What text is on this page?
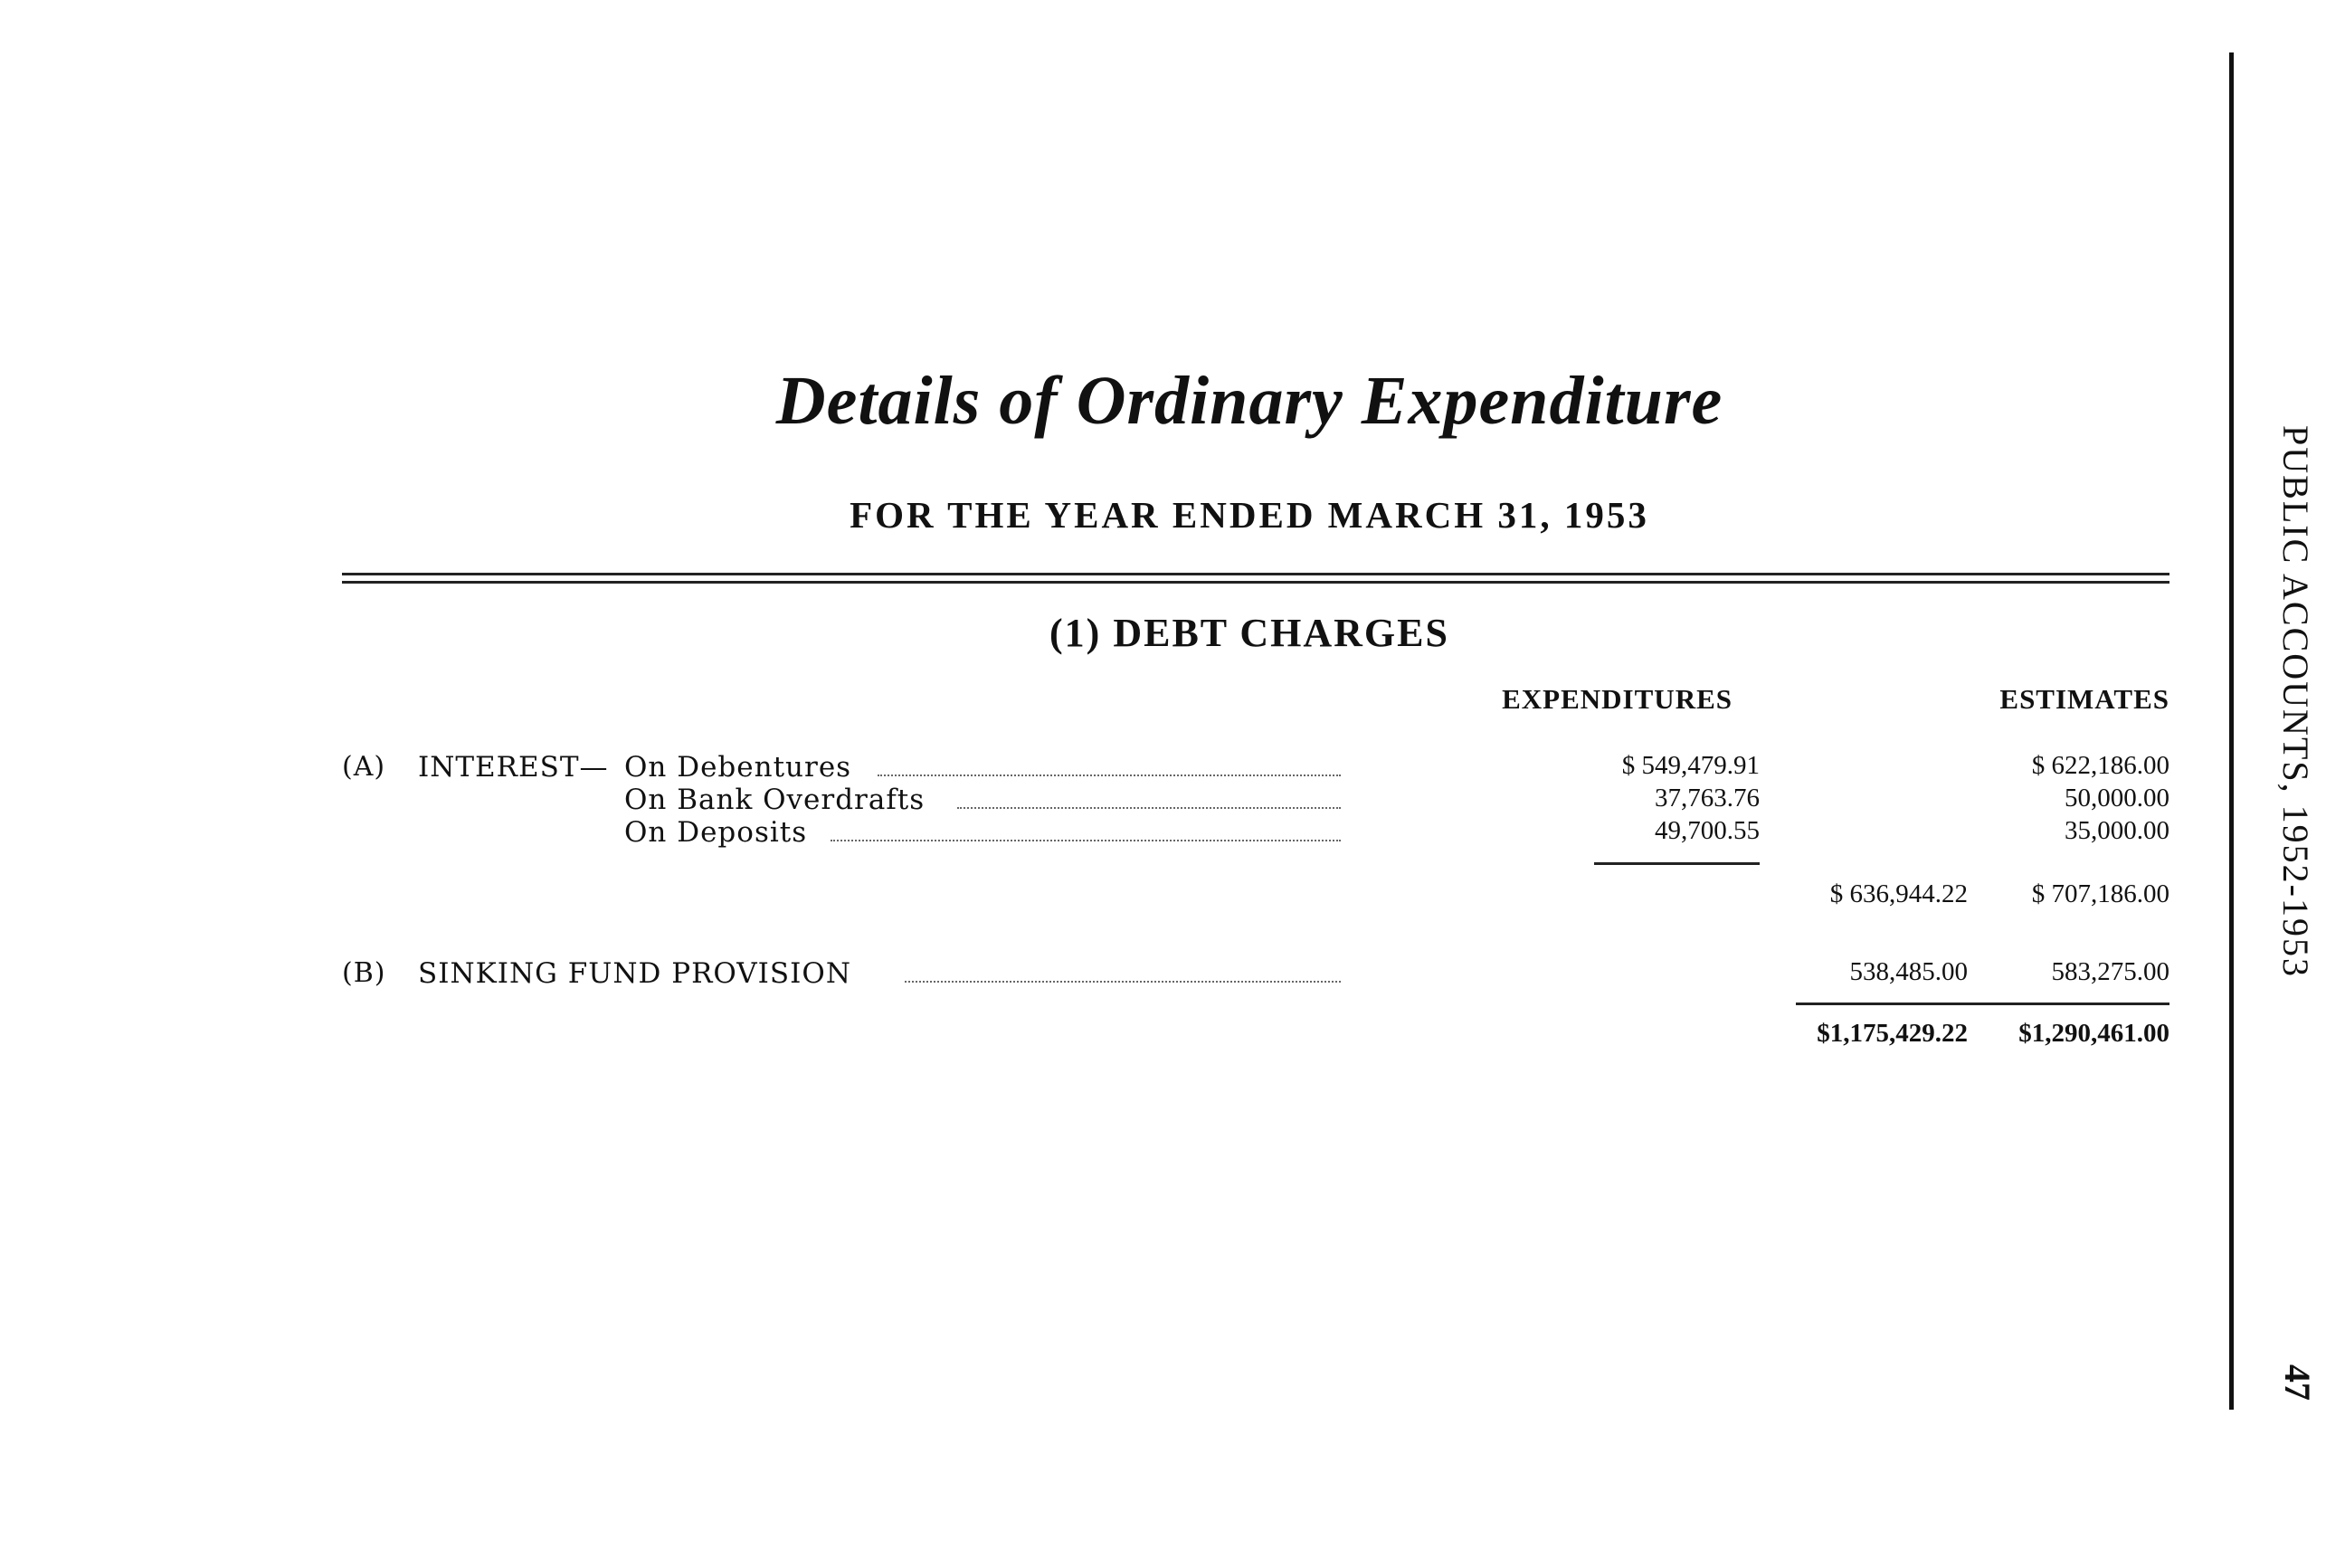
Details of Ordinary Expenditure
FOR THE YEAR ENDED MARCH 31, 1953
(1) DEBT CHARGES
EXPENDITURES	ESTIMATES
(A) INTEREST— On Debentures	$ 549,479.91	$ 622,186.00
On Bank Overdrafts	37,763.76	50,000.00
On Deposits	49,700.55	35,000.00
$ 636,944.22	$ 707,186.00
(B) SINKING FUND PROVISION	538,485.00	583,275.00
$1,175,429.22	$1,290,461.00
PUBLIC ACCOUNTS, 1952-1953
47
